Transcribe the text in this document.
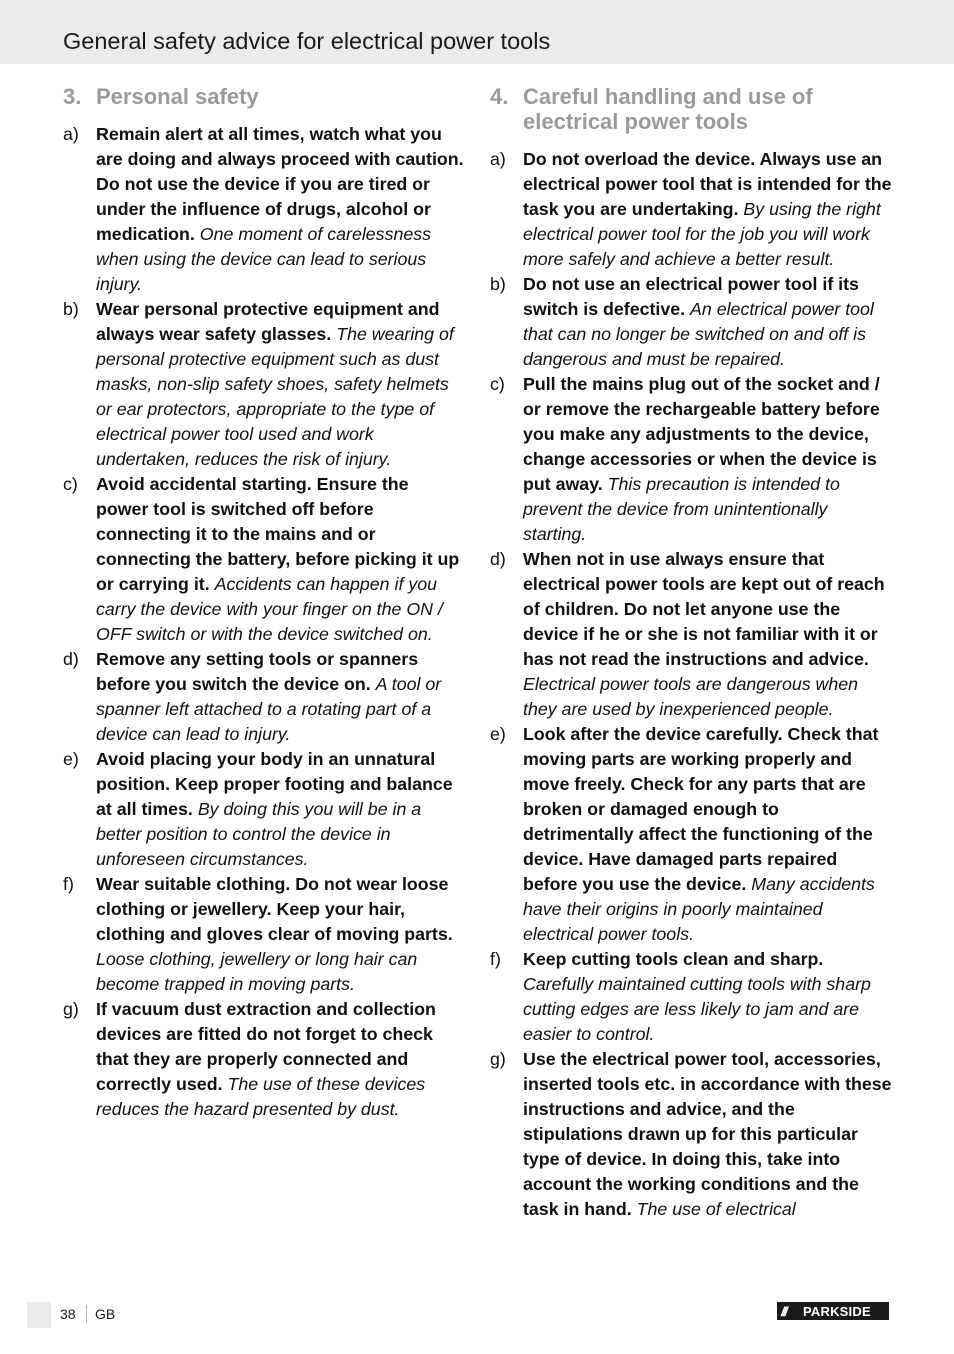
General safety advice for electrical power tools
3. Personal safety
a) Remain alert at all times, watch what you are doing and always proceed with caution. Do not use the device if you are tired or under the influence of drugs, alcohol or medication. One moment of carelessness when using the device can lead to serious injury.
b) Wear personal protective equipment and always wear safety glasses. The wearing of personal protective equipment such as dust masks, non-slip safety shoes, safety helmets or ear protectors, appropriate to the type of electrical power tool used and work undertaken, reduces the risk of injury.
c)	Avoid accidental starting. Ensure the power tool is switched off before connecting it to the mains and or connecting the battery, before picking it up or carrying it. Accidents can happen if you carry the device with your finger on the ON / OFF switch or with the device switched on.
d) Remove any setting tools or spanners before you switch the device on. A tool or spanner left attached to a rotating part of a device can lead to injury.
e) Avoid placing your body in an unnatural position. Keep proper footing and balance at all times. By doing this you will be in a better position to control the device in unforeseen circumstances.
f)	Wear suitable clothing. Do not wear loose clothing or jewellery. Keep your hair, clothing and gloves clear of moving parts. Loose clothing, jewellery or long hair can become trapped in moving parts.
g) If vacuum dust extraction and collection devices are fitted do not forget to check that they are properly connected and correctly used. The use of these devices reduces the hazard presented by dust.
4. Careful handling and use of electrical power tools
a) Do not overload the device. Always use an electrical power tool that is intended for the task you are undertaking. By using the right electrical power tool for the job you will work more safely and achieve a better result.
b) Do not use an electrical power tool if its switch is defective. An electrical power tool that can no longer be switched on and off is dangerous and must be repaired.
c)	Pull the mains plug out of the socket and / or remove the rechargeable battery before you make any adjustments to the device, change accessories or when the device is put away. This precaution is intended to prevent the device from unintentionally starting.
d) When not in use always ensure that electrical power tools are kept out of reach of children. Do not let anyone use the device if he or she is not familiar with it or has not read the instructions and advice. Electrical power tools are dangerous when they are used by inexperienced people.
e) Look after the device carefully. Check that moving parts are working properly and move freely. Check for any parts that are broken or damaged enough to detrimentally affect the functioning of the device. Have damaged parts repaired before you use the device. Many accidents have their origins in poorly maintained electrical power tools.
f)	Keep cutting tools clean and sharp. Carefully maintained cutting tools with sharp cutting edges are less likely to jam and are easier to control.
g) Use the electrical power tool, accessories, inserted tools etc. in accordance with these instructions and advice, and the stipulations drawn up for this particular type of device. In doing this, take into account the working conditions and the task in hand. The use of electrical
38 GB	///	PARKSIDE
